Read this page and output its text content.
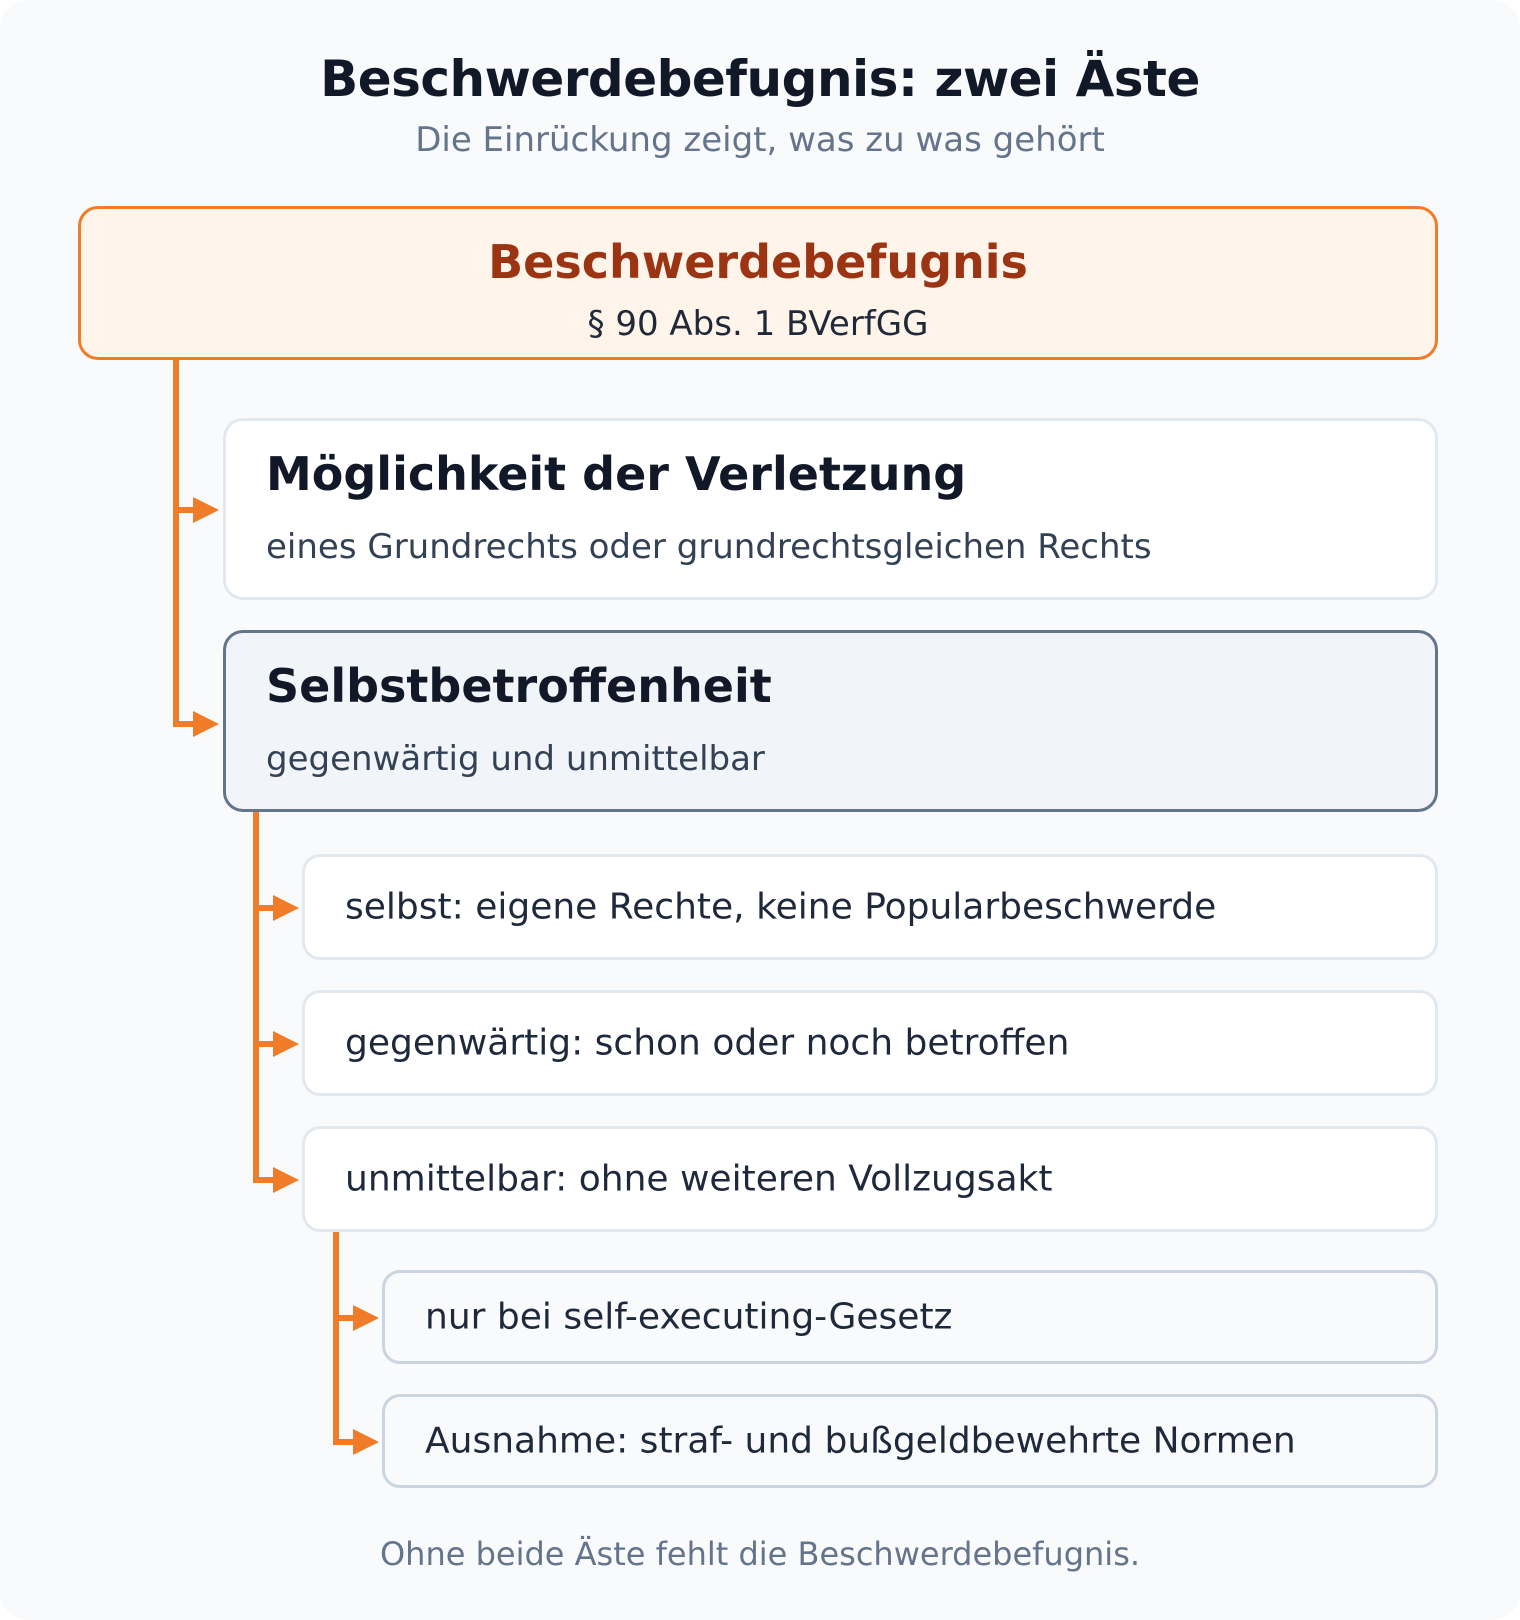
Beschwerdebefugnis: zwei Äste
Die Einrückung zeigt, was zu was gehört
Beschwerdebefugnis
§ 90 Abs. 1 BVerfGG
Möglichkeit der Verletzung
eines Grundrechts oder grundrechtsgleichen Rechts
Selbstbetroffenheit
gegenwärtig und unmittelbar
selbst: eigene Rechte, keine Popularbeschwerde
gegenwärtig: schon oder noch betroffen
unmittelbar: ohne weiteren Vollzugsakt
nur bei self-executing-Gesetz
Ausnahme: straf- und bußgeldbewehrte Normen
Ohne beide Äste fehlt die Beschwerdebefugnis.
